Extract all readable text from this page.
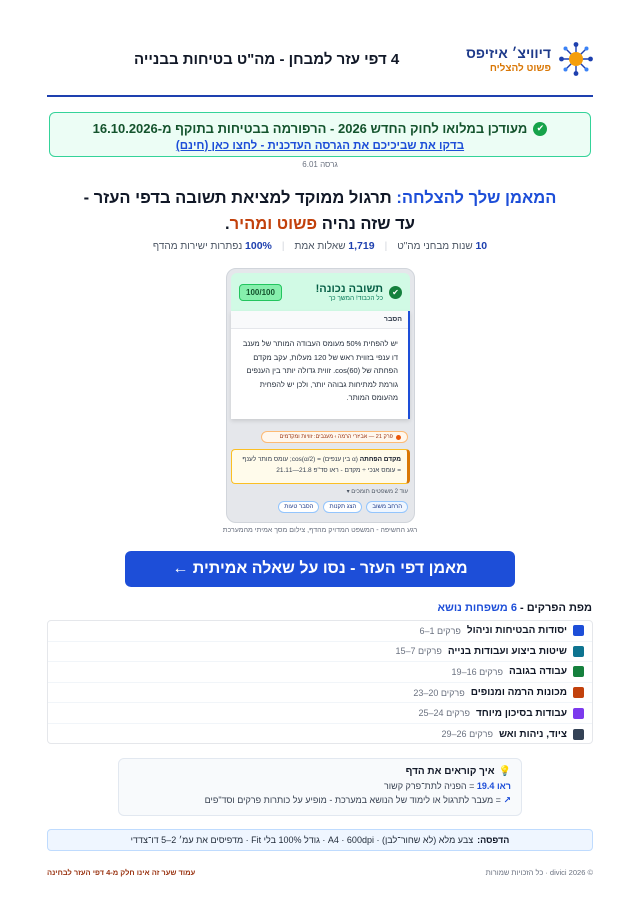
דיוויצ׳ איזיפס
פשוט להצליח
4 דפי עזר למבחן - מה"ט בטיחות בבנייה
✔
מעודכן במלואו לחוק החדש 2026 - הרפורמה בבטיחות בתוקף מ-16.10.2026
בדקו את שביכיכם את הגרסה העדכנית - לחצו כאן (חינם)
גרסה 6.01
המאמן שלך להצלחה: תרגול ממוקד למציאת תשובה בדפי העזר -
עד שזה נהיה פשוט ומהיר.
10 שנות מבחני מה"ט
|
1,719 שאלות אמת
|
100% נפתרות ישירות מהדף
✔
תשובה נכונה!
כל הכבוד! המשך כך
100/100
הסבר
יש להפחית 50% מעומס העבודה המותר של מענב דו ענפי בזווית ראש של 120 מעלות, עקב מקדם הפחתה של cos(60). זווית גדולה יותר בין הענפים גורמת למתיחות גבוהה יותר, ולכן יש להפחית מהעומס המותר.
פרק 21 — אביזרי הרמה › מענבים: זוויות ומקדמים
מקדם הפחתה (α בין ענפים) = cos(α/2); עומס מותר לענף = עומס אנכי ÷ מקדם - ראו סד"פ 21.8—21.11
עוד 2 משפטים תומכים ▾
הרחב משוב
הצג תקנות
הסבר טעות
רגע החשיפה - המשפט המדויק מהדף, צילום מסך אמיתי מהמערכת
מאמן דפי העזר - נסו על שאלה אמיתית ←
מפת הפרקים - 6 משפחות נושא
יסודות הבטיחות וניהול
פרקים 1–6
שיטות ביצוע ועבודות בנייה
פרקים 7–15
עבודה בגובה
פרקים 16–19
מכונות הרמה ומנופים
פרקים 20–23
עבודות בסיכון מיוחד
פרקים 24–25
ציוד, ניהות ואש
פרקים 26–29
💡
איך קוראים את הדף
ראו 19.4 = הפניה לתת־פרק קשור
↗ = מעבר לתרגול או לימוד של הנושא במערכת - מופיע על כותרות פרקים וסד"פים
הדפסה:
צבע מלא (לא שחור־לבן) · A4 · 600dpi · גודל 100% בלי Fit · מדפיסים את עמ׳ 2–5 דו־צדדי
עמוד שער זה אינו חלק מ-4 דפי העזר לבחינה	© divici 2026 · כל הזכויות שמורות
